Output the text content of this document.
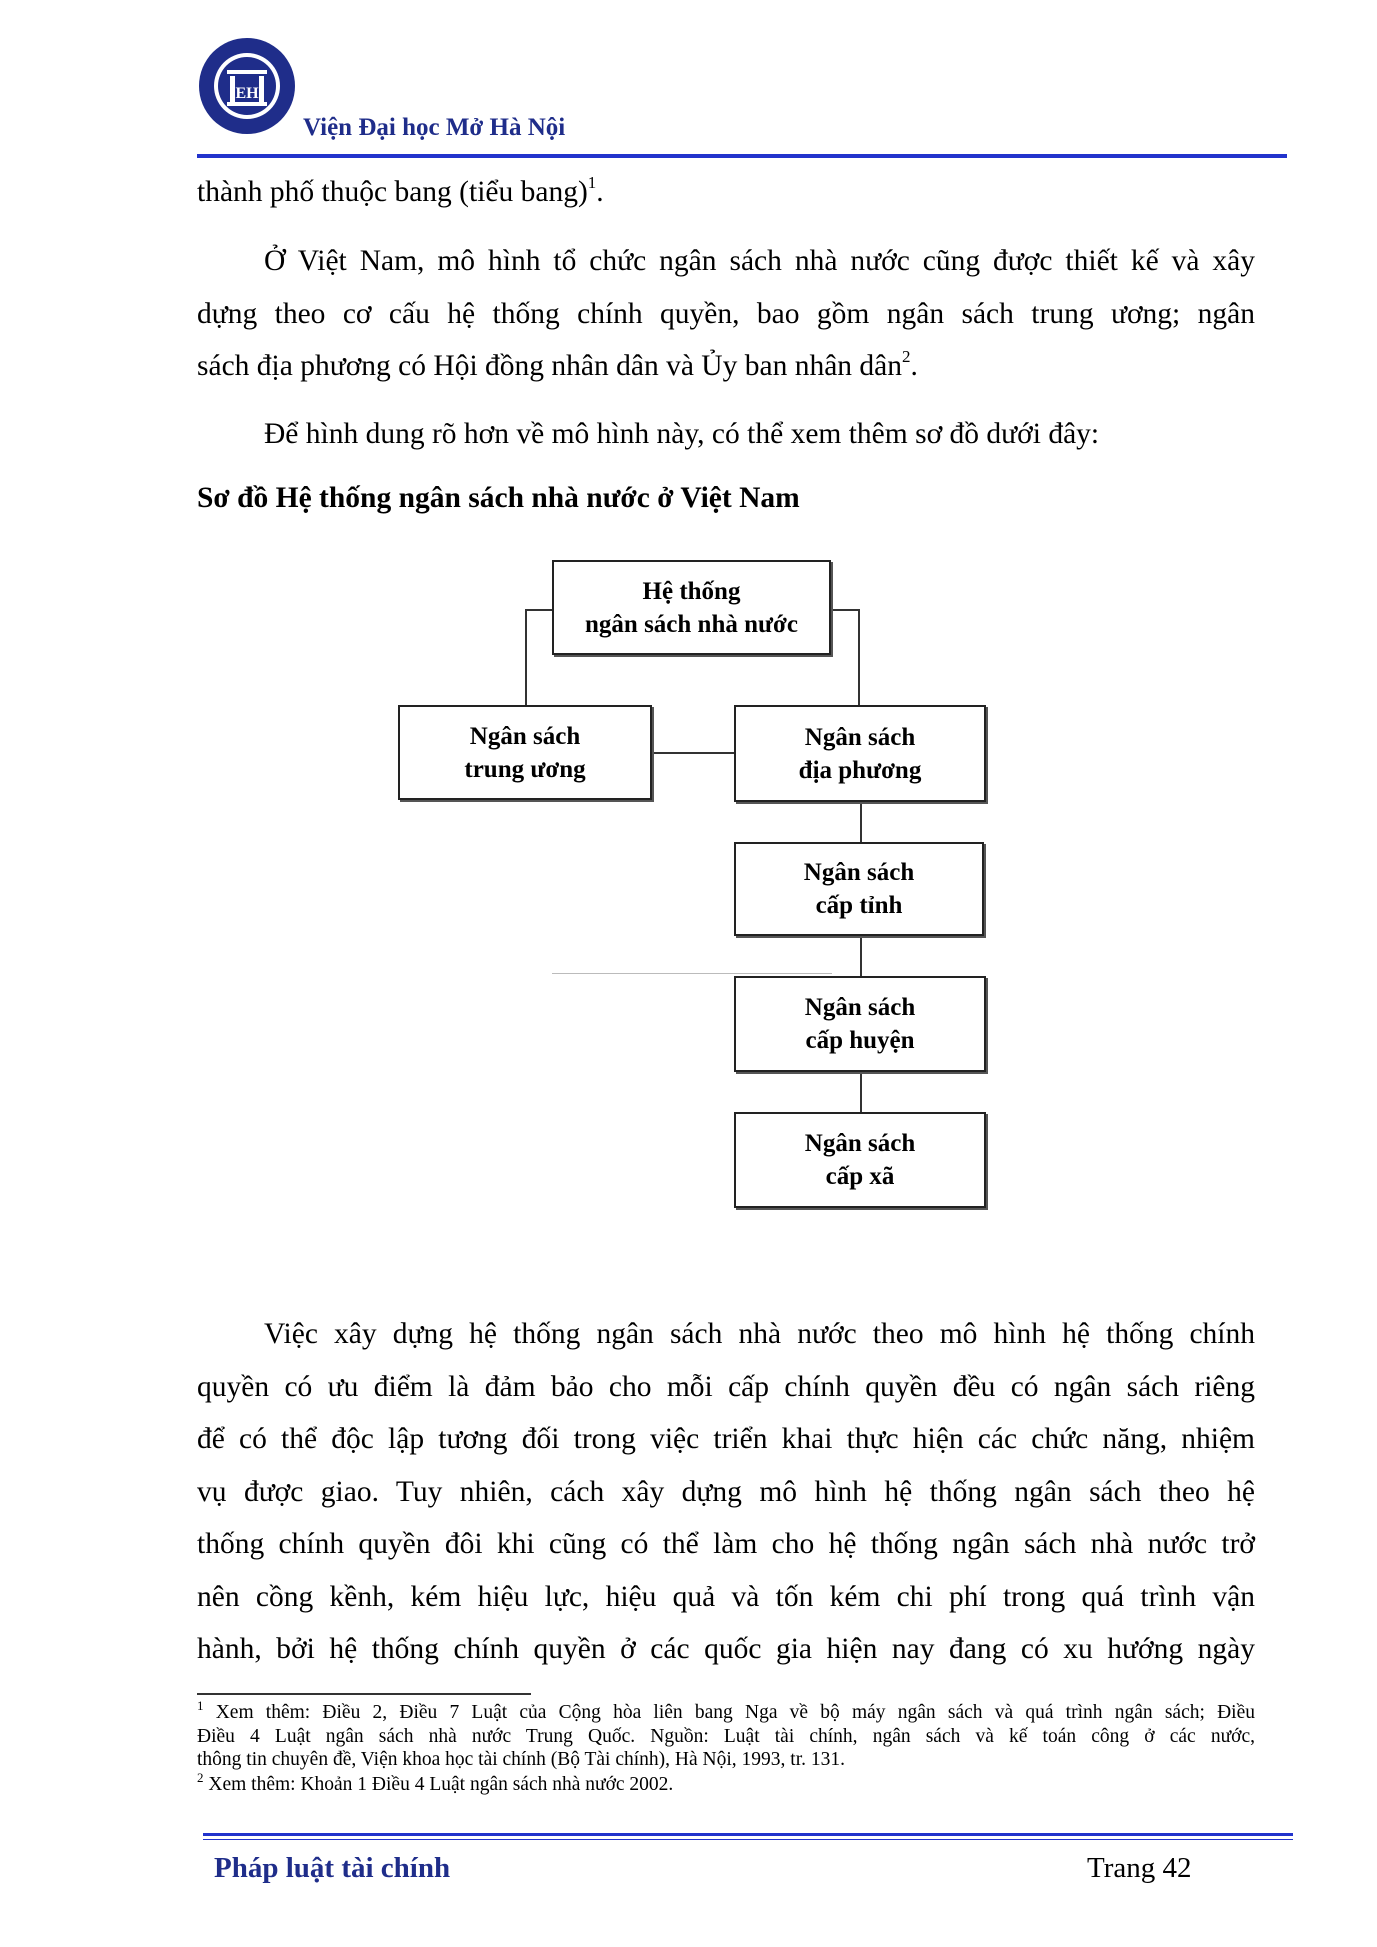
EH
Viện Đại học Mở Hà Nội
thành phố thuộc bang (tiểu bang)$^1$.
Ở Việt Nam, mô hình tổ chức ngân sách nhà nước cũng được thiết kế và xây
dựng theo cơ cấu hệ thống chính quyền, bao gồm ngân sách trung ương; ngân
sách địa phương có Hội đồng nhân dân và Ủy ban nhân dân$^2$.
Để hình dung rõ hơn về mô hình này, có thể xem thêm sơ đồ dưới đây:
Sơ đồ Hệ thống ngân sách nhà nước ở Việt Nam
Hệ thống
ngân sách nhà nước
Ngân sách
trung ương
Ngân sách
địa phương
Ngân sách
cấp tỉnh
Ngân sách
cấp huyện
Ngân sách
cấp xã
Việc xây dựng hệ thống ngân sách nhà nước theo mô hình hệ thống chính
quyền có ưu điểm là đảm bảo cho mỗi cấp chính quyền đều có ngân sách riêng
để có thể độc lập tương đối trong việc triển khai thực hiện các chức năng, nhiệm
vụ được giao. Tuy nhiên, cách xây dựng mô hình hệ thống ngân sách theo hệ
thống chính quyền đôi khi cũng có thể làm cho hệ thống ngân sách nhà nước trở
nên cồng kềnh, kém hiệu lực, hiệu quả và tốn kém chi phí trong quá trình vận
hành, bởi hệ thống chính quyền ở các quốc gia hiện nay đang có xu hướng ngày
$^1$ Xem thêm: Điều 2, Điều 7 Luật của Cộng hòa liên bang Nga về bộ máy ngân sách và quá trình ngân sách; Điều
Điều 4 Luật ngân sách nhà nước Trung Quốc. Nguồn: Luật tài chính, ngân sách và kế toán công ở các nước,
thông tin chuyên đề, Viện khoa học tài chính (Bộ Tài chính), Hà Nội, 1993, tr. 131.
$^2$ Xem thêm: Khoản 1 Điều 4 Luật ngân sách nhà nước 2002.
Pháp luật tài chính	Trang 42
